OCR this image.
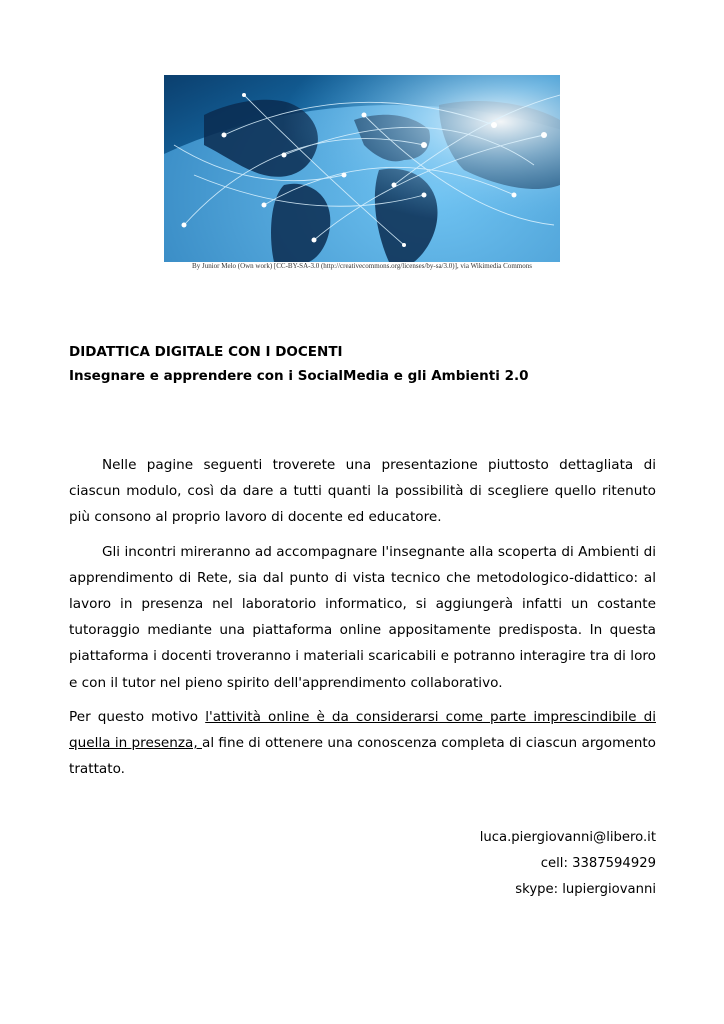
By Junior Melo (Own work) [CC-BY-SA-3.0 (http://creativecommons.org/licenses/by-sa/3.0)], via Wikimedia Commons
DIDATTICA DIGITALE CON I DOCENTI
Insegnare e apprendere con i SocialMedia e gli Ambienti 2.0

Nelle pagine seguenti troverete una presentazione piuttosto dettagliata di ciascun modulo, così da dare a tutti quanti la possibilità di scegliere quello ritenuto più consono al proprio lavoro di docente ed educatore.

Gli incontri mireranno ad accompagnare l'insegnante alla scoperta di Ambienti di apprendimento di Rete, sia dal punto di vista tecnico che metodologico-didattico: al lavoro in presenza nel laboratorio informatico, si aggiungerà infatti un costante tutoraggio mediante una piattaforma online appositamente predisposta. In questa piattaforma i docenti troveranno i materiali scaricabili e potranno interagire tra di loro e con il tutor nel pieno spirito dell'apprendimento collaborativo.

Per questo motivo l'attività online è da considerarsi come parte imprescindibile di quella in presenza, al fine di ottenere una conoscenza completa di ciascun argomento trattato.

luca.piergiovanni@libero.it
cell: 3387594929
skype: lupiergiovanni
